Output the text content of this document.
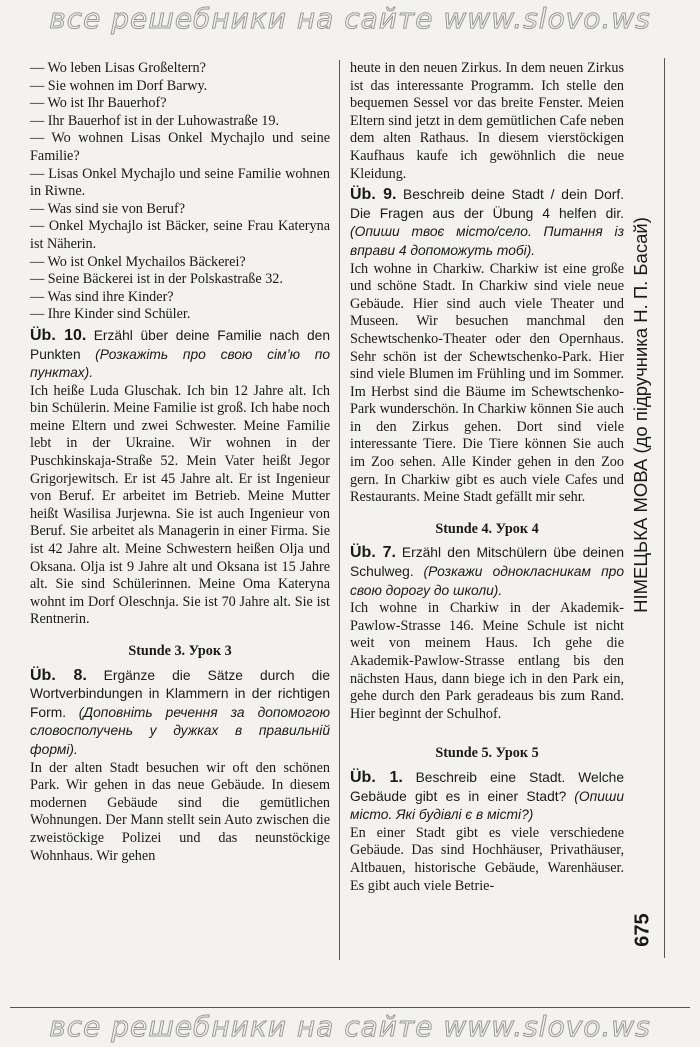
все решебники на сайте www.slovo.ws

— Wo leben Lisas Großeltern?

— Sie wohnen im Dorf Barwy.

— Wo ist Ihr Bauerhof?

— Ihr Bauerhof ist in der Luhowastraße 19.

— Wo wohnen Lisas Onkel Mychajlo und seine Familie?

— Lisas Onkel Mychajlo und seine Familie wohnen in Riwne.

— Was sind sie von Beruf?

— Onkel Mychajlo ist Bäcker, seine Frau Kateryna ist Näherin.

— Wo ist Onkel Mychailos Bäckerei?

— Seine Bäckerei ist in der Polskastraße 32.

— Was sind ihre Kinder?

— Ihre Kinder sind Schüler.

Üb. 10. Erzähl über deine Familie nach den Punkten (Розкажіть про свою сім’ю по пунктах).

Ich heiße Luda Gluschak. Ich bin 12 Jahre alt. Ich bin Schülerin. Meine Familie ist groß. Ich habe noch meine Eltern und zwei Schwester. Meine Familie lebt in der Ukraine. Wir wohnen in der Puschkinskaja-Straße 52. Mein Vater heißt Jegor Grigorjewitsch. Er ist 45 Jahre alt. Er ist Ingenieur von Beruf. Er arbeitet im Betrieb. Meine Mutter heißt Wasilisa Jurjewna. Sie ist auch Ingenieur von Beruf. Sie arbeitet als Managerin in einer Firma. Sie ist 42 Jahre alt. Meine Schwestern heißen Olja und Oksana. Olja ist 9 Jahre alt und Oksana ist 15 Jahre alt. Sie sind Schülerinnen. Meine Oma Kateryna wohnt im Dorf Oleschnja. Sie ist 70 Jahre alt. Sie ist Rentnerin.

Stunde 3. Урок 3

Üb. 8. Ergänze die Sätze durch die Wortverbindungen in Klammern in der richtigen Form. (Доповніть речення за допомогою словосполучень у дужках в правильній формі).

In der alten Stadt besuchen wir oft den schönen Park. Wir gehen in das neue Gebäude. In diesem modernen Gebäude sind die gemütlichen Wohnungen. Der Mann stellt sein Auto zwischen die zweistöckige Polizei und das neunstöckige Wohnhaus. Wir gehen

heute in den neuen Zirkus. In dem neuen Zirkus ist das interessante Programm. Ich stelle den bequemen Sessel vor das breite Fenster. Meien Eltern sind jetzt in dem gemütlichen Cafe neben dem alten Rathaus. In diesem vierstöckigen Kaufhaus kaufe ich gewöhnlich die neue Kleidung.

Üb. 9. Beschreib deine Stadt / dein Dorf. Die Fragen aus der Übung 4 helfen dir. (Опиши твоє місто/село. Питання із вправи 4 допоможуть тобі).

Ich wohne in Charkiw. Charkiw ist eine große und schöne Stadt. In Charkiw sind viele neue Gebäude. Hier sind auch viele Theater und Museen. Wir besuchen manchmal den Schewtschenko-Theater oder den Opernhaus. Sehr schön ist der Schewtschenko-Park. Hier sind viele Blumen im Frühling und im Sommer. Im Herbst sind die Bäume im Schewtschenko-Park wunderschön. In Charkiw können Sie auch in den Zirkus gehen. Dort sind viele interessante Tiere. Die Tiere können Sie auch im Zoo sehen. Alle Kinder gehen in den Zoo gern. In Charkiw gibt es auch viele Cafes und Restaurants. Meine Stadt gefällt mir sehr.

Stunde 4. Урок 4

Üb. 7. Erzähl den Mitschülern übe deinen Schulweg. (Розкажи однокласникам про свою дорогу до школи).

Ich wohne in Charkiw in der Akademik-Pawlow-Strasse 146. Meine Schule ist nicht weit von meinem Haus. Ich gehe die Akademik-Pawlow-Strasse entlang bis den nächsten Haus, dann biege ich in den Park ein, gehe durch den Park geradeaus bis zum Rand. Hier beginnt der Schulhof.

Stunde 5. Урок 5

Üb. 1. Beschreib eine Stadt. Welche Gebäude gibt es in einer Stadt? (Опиши місто. Які будівлі є в місті?)

En einer Stadt gibt es viele verschiedene Gebäude. Das sind Hochhäuser, Privathäuser, Altbauen, historische Gebäude, Warenhäuser. Es gibt auch viele Betrie-

НІМЕЦЬКА МОВА (до підручника Н. П. Басай)
675
все решебники на сайте www.slovo.ws
